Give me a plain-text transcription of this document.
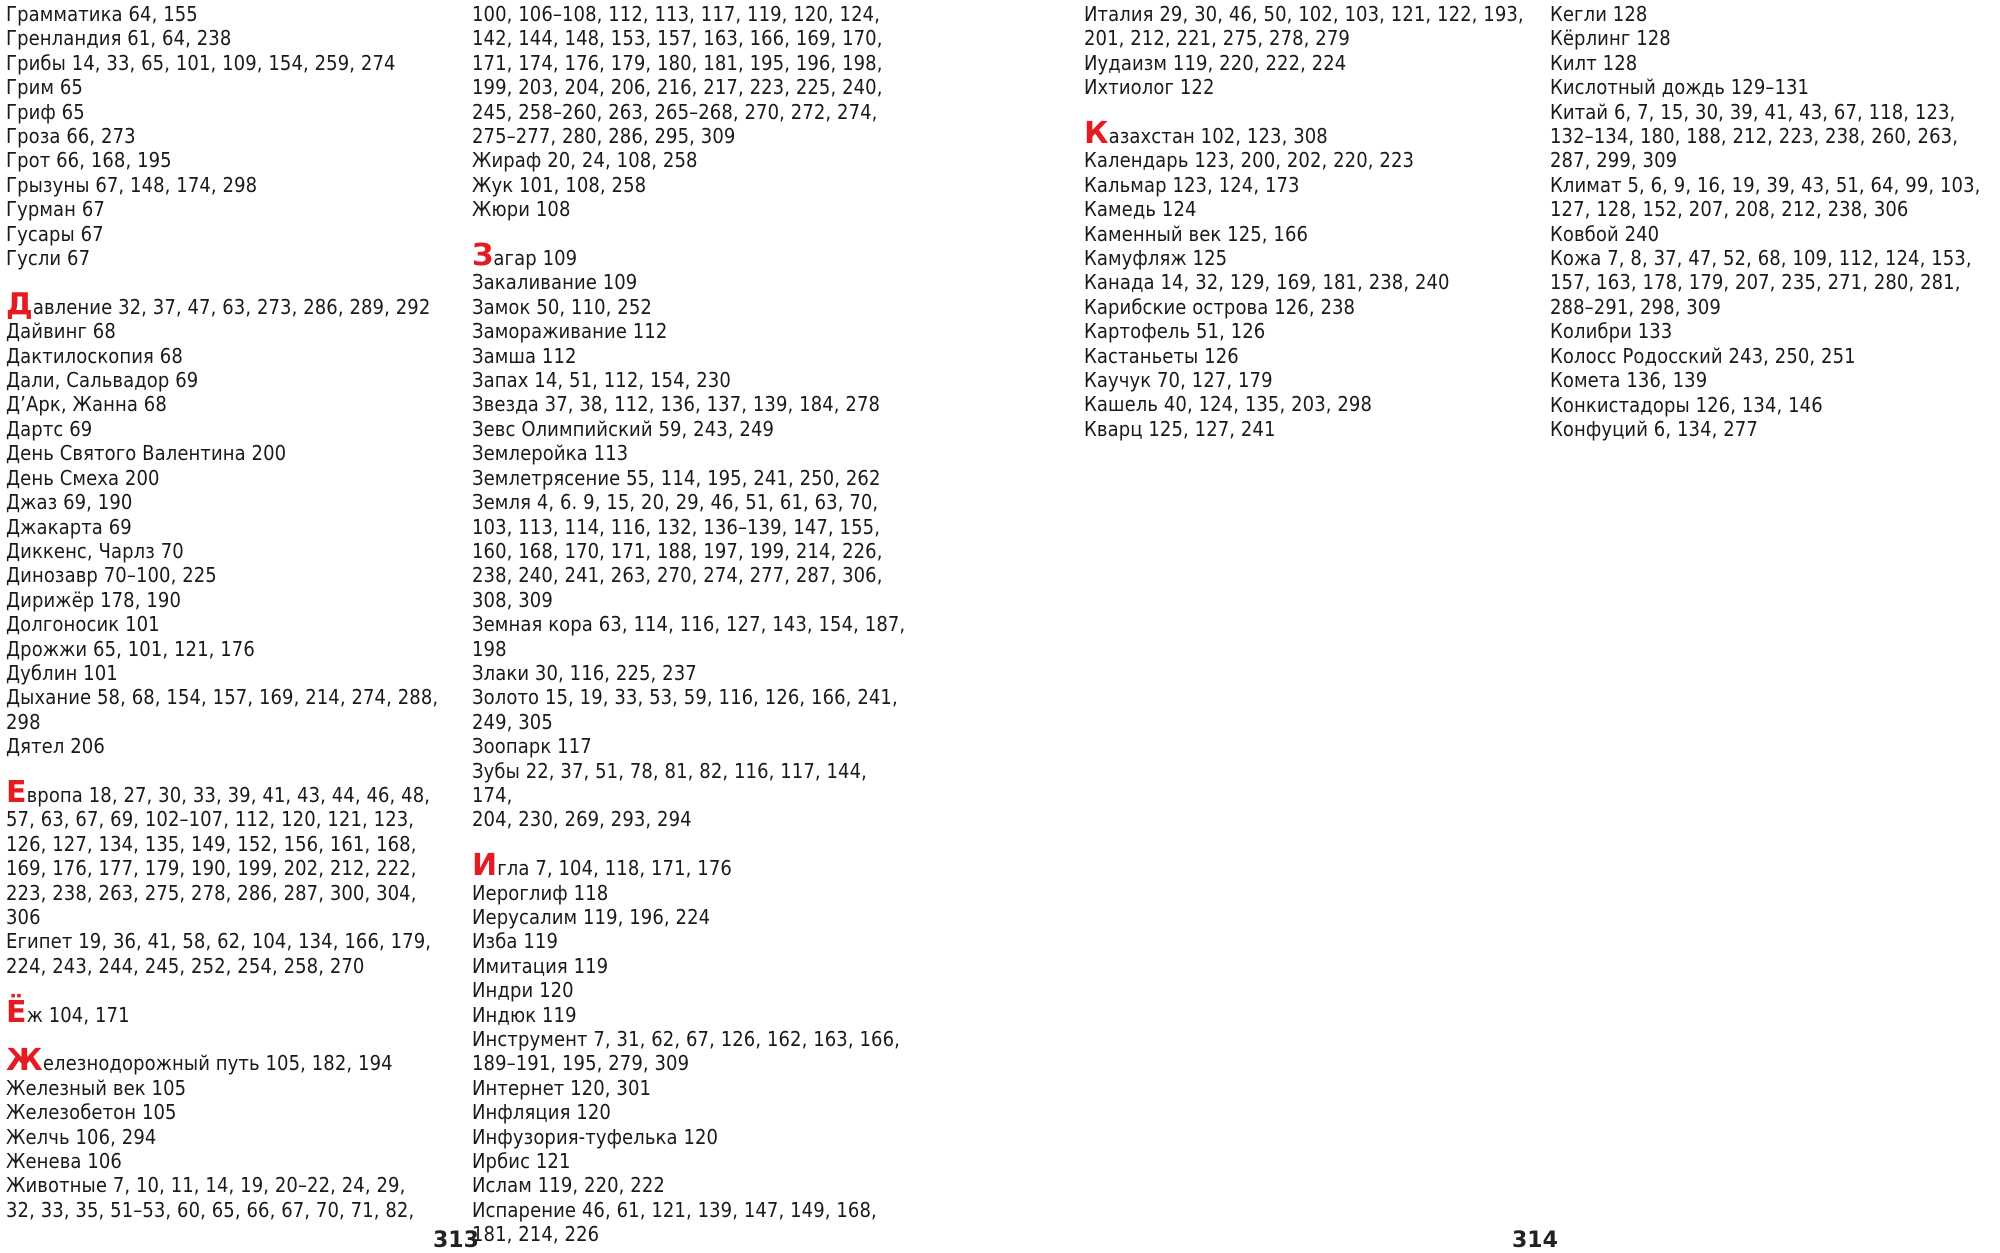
Грамматика 64, 155
Гренландия 61, 64, 238
Грибы 14, 33, 65, 101, 109, 154, 259, 274
Грим 65
Гриф 65
Гроза 66, 273
Грот 66, 168, 195
Грызуны 67, 148, 174, 298
Гурман 67
Гусары 67
Гусли 67
Давление 32, 37, 47, 63, 273, 286, 289, 292
Дайвинг 68
Дактилоскопия 68
Дали, Сальвадор 69
Д’Арк, Жанна 68
Дартс 69
День Святого Валентина 200
День Смеха 200
Джаз 69, 190
Джакарта 69
Диккенс, Чарлз 70
Динозавр 70–100, 225
Дирижёр 178, 190
Долгоносик 101
Дрожжи 65, 101, 121, 176
Дублин 101
Дыхание 58, 68, 154, 157, 169, 214, 274, 288,
298
Дятел 206
Европа 18, 27, 30, 33, 39, 41, 43, 44, 46, 48,
57, 63, 67, 69, 102–107, 112, 120, 121, 123,
126, 127, 134, 135, 149, 152, 156, 161, 168,
169, 176, 177, 179, 190, 199, 202, 212, 222,
223, 238, 263, 275, 278, 286, 287, 300, 304,
306
Египет 19, 36, 41, 58, 62, 104, 134, 166, 179,
224, 243, 244, 245, 252, 254, 258, 270
Ёж 104, 171
Железнодорожный путь 105, 182, 194
Железный век 105
Железобетон 105
Желчь 106, 294
Женева 106
Животные 7, 10, 11, 14, 19, 20–22, 24, 29,
32, 33, 35, 51–53, 60, 65, 66, 67, 70, 71, 82,
100, 106–108, 112, 113, 117, 119, 120, 124,
142, 144, 148, 153, 157, 163, 166, 169, 170,
171, 174, 176, 179, 180, 181, 195, 196, 198,
199, 203, 204, 206, 216, 217, 223, 225, 240,
245, 258–260, 263, 265–268, 270, 272, 274,
275–277, 280, 286, 295, 309
Жираф 20, 24, 108, 258
Жук 101, 108, 258
Жюри 108
Загар 109
Закаливание 109
Замок 50, 110, 252
Замораживание 112
Замша 112
Запах 14, 51, 112, 154, 230
Звезда 37, 38, 112, 136, 137, 139, 184, 278
Зевс Олимпийский 59, 243, 249
Землеройка 113
Землетрясение 55, 114, 195, 241, 250, 262
Земля 4, 6. 9, 15, 20, 29, 46, 51, 61, 63, 70,
103, 113, 114, 116, 132, 136–139, 147, 155,
160, 168, 170, 171, 188, 197, 199, 214, 226,
238, 240, 241, 263, 270, 274, 277, 287, 306,
308, 309
Земная кора 63, 114, 116, 127, 143, 154, 187,
198
Злаки 30, 116, 225, 237
Золото 15, 19, 33, 53, 59, 116, 126, 166, 241,
249, 305
Зоопарк 117
Зубы 22, 37, 51, 78, 81, 82, 116, 117, 144, 174,
204, 230, 269, 293, 294
Игла 7, 104, 118, 171, 176
Иероглиф 118
Иерусалим 119, 196, 224
Изба 119
Имитация 119
Индри 120
Индюк 119
Инструмент 7, 31, 62, 67, 126, 162, 163, 166,
189–191, 195, 279, 309
Интернет 120, 301
Инфляция 120
Инфузория-туфелька 120
Ирбис 121
Ислам 119, 220, 222
Испарение 46, 61, 121, 139, 147, 149, 168,
181, 214, 226
313
Италия 29, 30, 46, 50, 102, 103, 121, 122, 193,
201, 212, 221, 275, 278, 279
Иудаизм 119, 220, 222, 224
Ихтиолог 122
Казахстан 102, 123, 308
Календарь 123, 200, 202, 220, 223
Кальмар 123, 124, 173
Камедь 124
Каменный век 125, 166
Камуфляж 125
Канада 14, 32, 129, 169, 181, 238, 240
Карибские острова 126, 238
Картофель 51, 126
Кастаньеты 126
Каучук 70, 127, 179
Кашель 40, 124, 135, 203, 298
Кварц 125, 127, 241
Кегли 128
Кёрлинг 128
Килт 128
Кислотный дождь 129–131
Китай 6, 7, 15, 30, 39, 41, 43, 67, 118, 123,
132–134, 180, 188, 212, 223, 238, 260, 263,
287, 299, 309
Климат 5, 6, 9, 16, 19, 39, 43, 51, 64, 99, 103,
127, 128, 152, 207, 208, 212, 238, 306
Ковбой 240
Кожа 7, 8, 37, 47, 52, 68, 109, 112, 124, 153,
157, 163, 178, 179, 207, 235, 271, 280, 281,
288–291, 298, 309
Колибри 133
Колосс Родосский 243, 250, 251
Комета 136, 139
Конкистадоры 126, 134, 146
Конфуций 6, 134, 277
314
